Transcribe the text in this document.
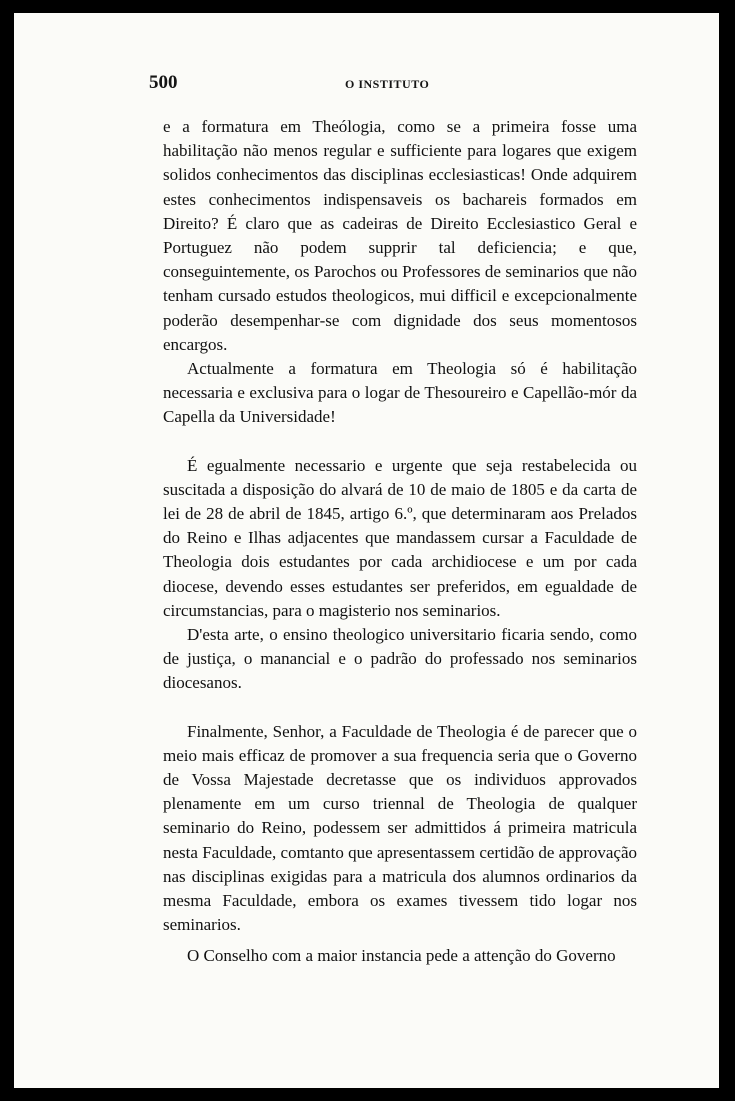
500	O INSTITUTO

e a formatura em Theólogia, como se a primeira fosse uma habilitação não menos regular e sufficiente para logares que exigem solidos conhecimentos das disciplinas ecclesiasticas! Onde adquirem estes conhecimentos indispensaveis os bachareis formados em Direito? É claro que as cadeiras de Direito Ecclesiastico Geral e Portuguez não podem supprir tal deficiencia; e que, conseguintemente, os Parochos ou Professores de seminarios que não tenham cursado estudos theologicos, mui difficil e excepcionalmente poderão desempenhar-se com dignidade dos seus momentosos encargos.

Actualmente a formatura em Theologia só é habilitação necessaria e exclusiva para o logar de Thesoureiro e Capellão-mór da Capella da Universidade!

É egualmente necessario e urgente que seja restabelecida ou suscitada a disposição do alvará de 10 de maio de 1805 e da carta de lei de 28 de abril de 1845, artigo 6.º, que determinaram aos Prelados do Reino e Ilhas adjacentes que mandassem cursar a Faculdade de Theologia dois estudantes por cada archidiocese e um por cada diocese, devendo esses estudantes ser preferidos, em egualdade de circumstancias, para o magisterio nos seminarios.

D'esta arte, o ensino theologico universitario ficaria sendo, como de justiça, o manancial e o padrão do professado nos seminarios diocesanos.

Finalmente, Senhor, a Faculdade de Theologia é de parecer que o meio mais efficaz de promover a sua frequencia seria que o Governo de Vossa Majestade decretasse que os individuos approvados plenamente em um curso triennal de Theologia de qualquer seminario do Reino, podessem ser admittidos á primeira matricula nesta Faculdade, comtanto que apresentassem certidão de approvação nas disciplinas exigidas para a matricula dos alumnos ordinarios da mesma Faculdade, embora os exames tivessem tido logar nos seminarios.

O Conselho com a maior instancia pede a attenção do Governo
